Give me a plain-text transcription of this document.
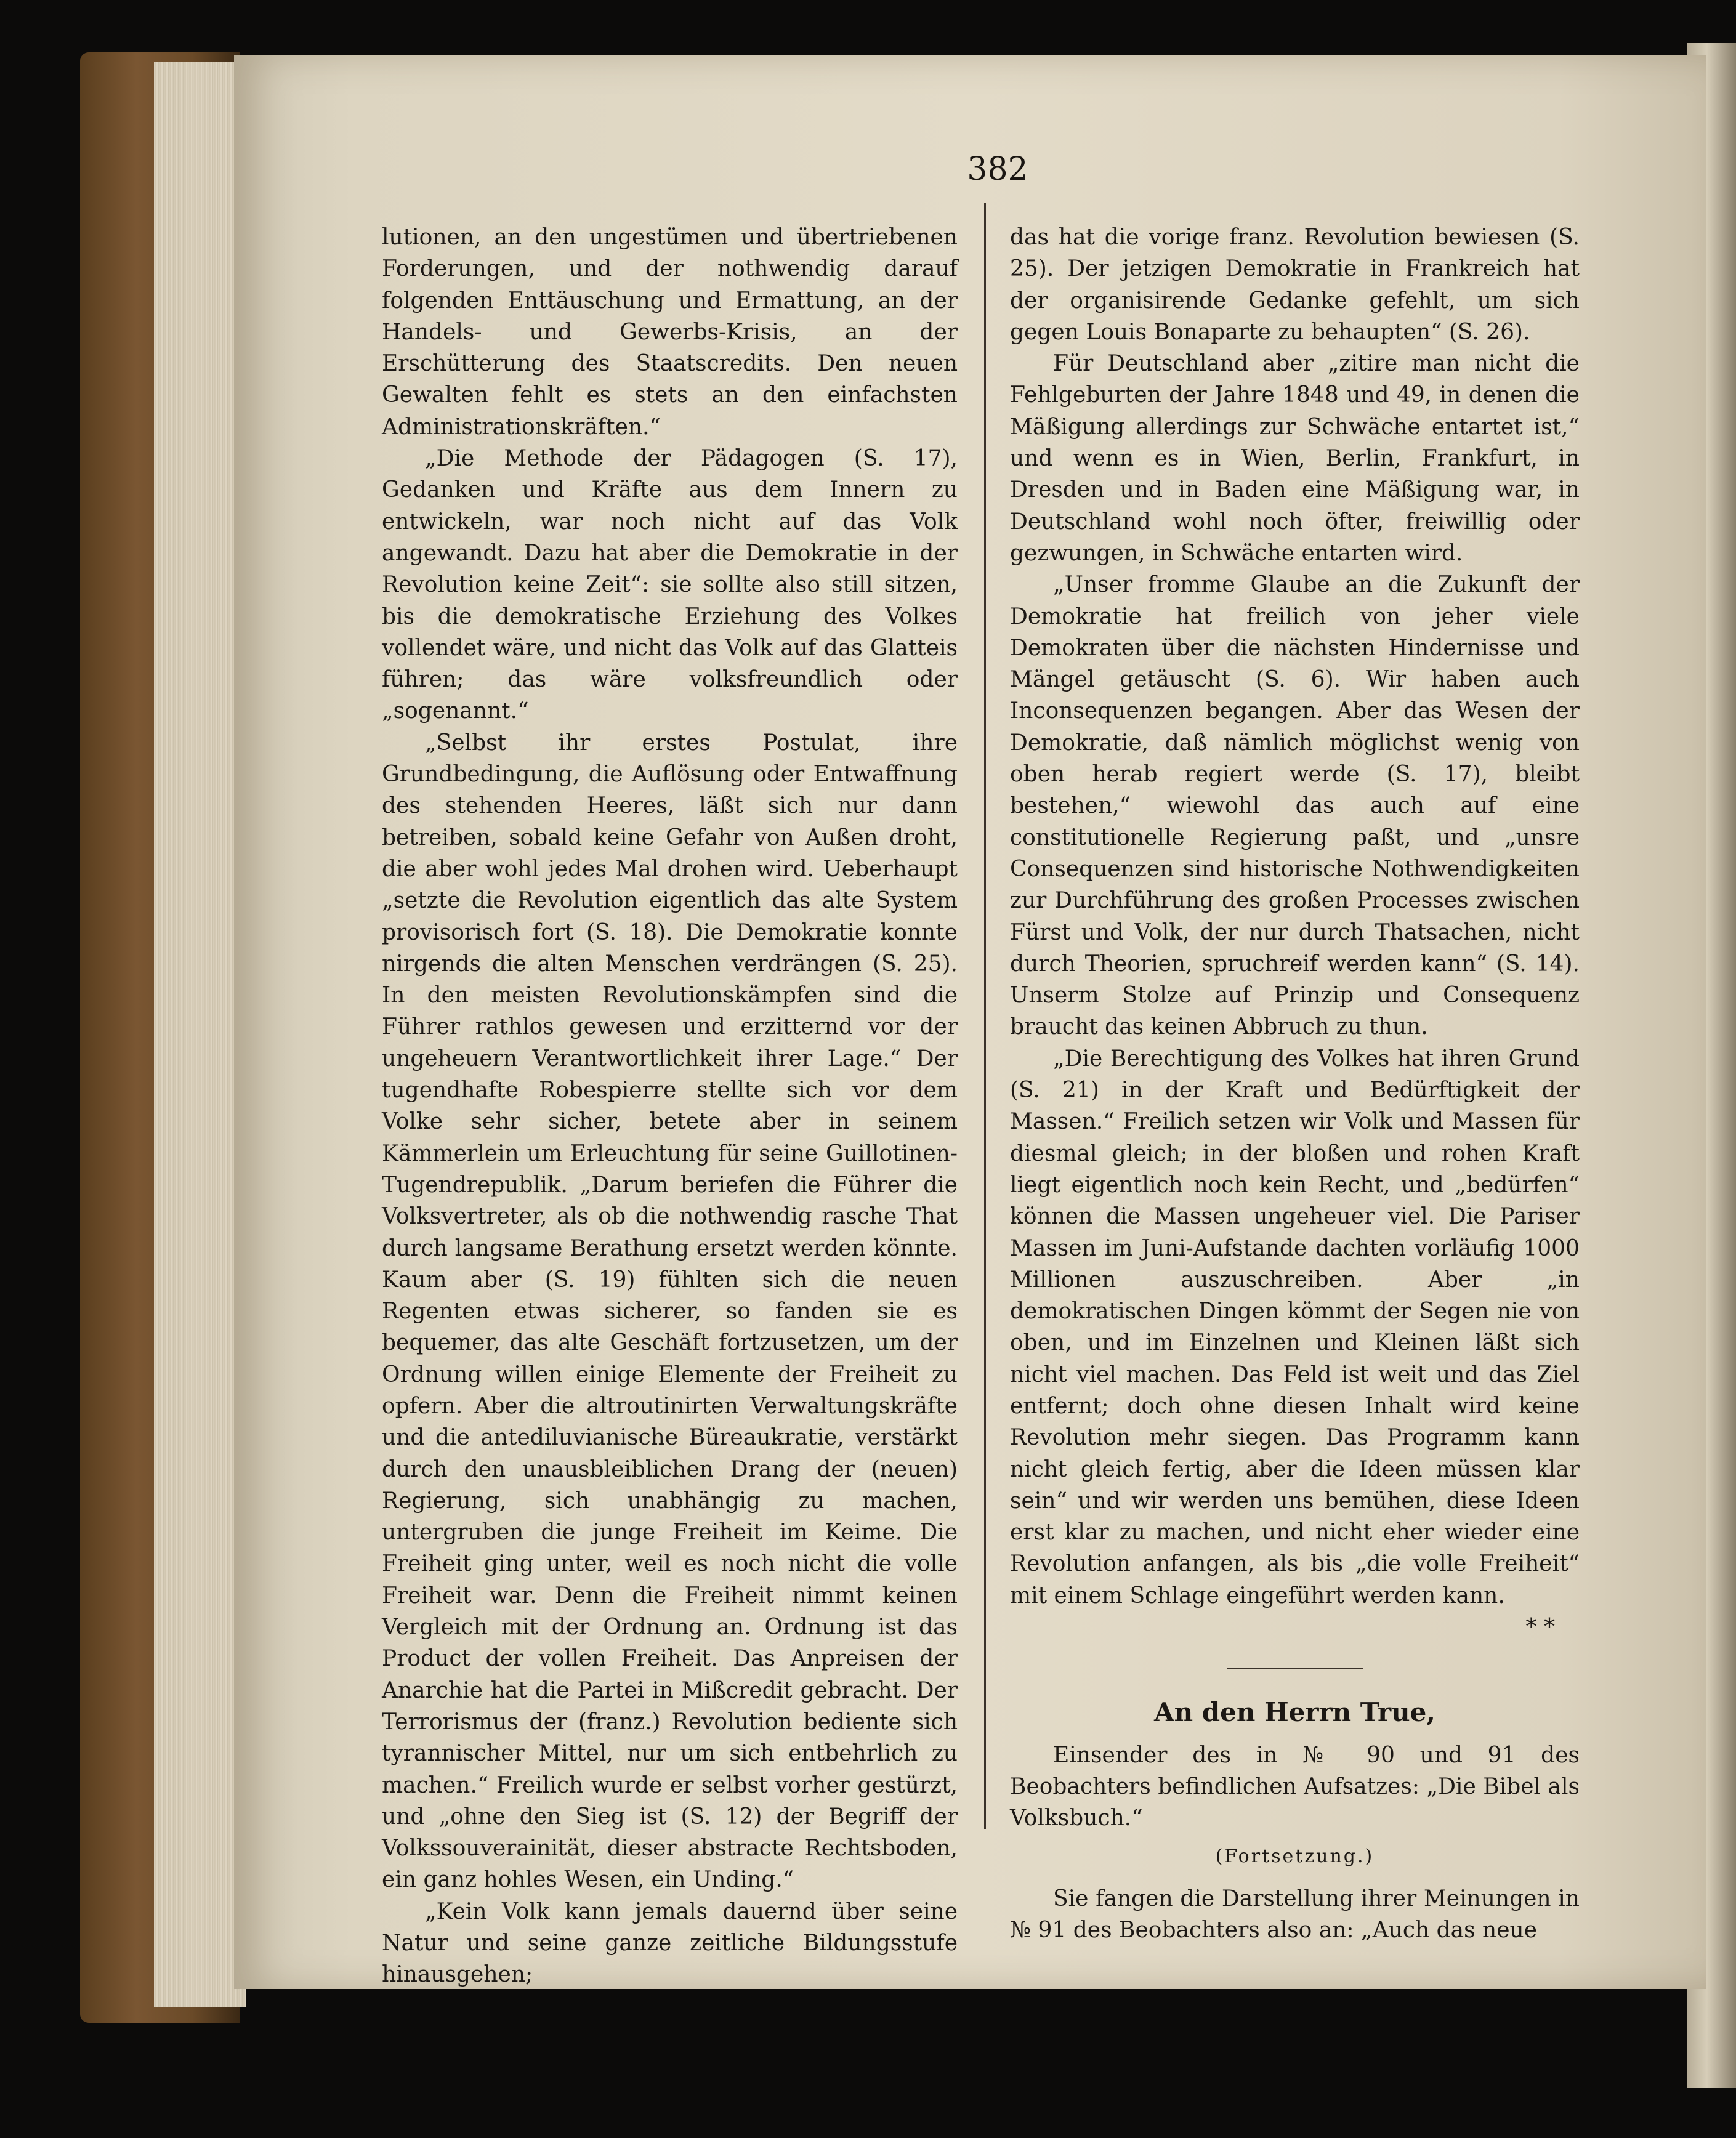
382

lutionen, an den ungestümen und übertriebenen Forderungen, und der nothwendig darauf folgenden Enttäuschung und Ermattung, an der Handels- und Gewerbs-Krisis, an der Erschütterung des Staatscredits. Den neuen Gewalten fehlt es stets an den einfachsten Administrationskräften.“

„Die Methode der Pädagogen (S. 17), Gedanken und Kräfte aus dem Innern zu entwickeln, war noch nicht auf das Volk angewandt. Dazu hat aber die Demokratie in der Revolution keine Zeit“: sie sollte also still sitzen, bis die demokratische Erziehung des Volkes vollendet wäre, und nicht das Volk auf das Glatteis führen; das wäre volksfreundlich oder „sogenannt.“

„Selbst ihr erstes Postulat, ihre Grundbedingung, die Auflösung oder Entwaffnung des stehenden Heeres, läßt sich nur dann betreiben, sobald keine Gefahr von Außen droht, die aber wohl jedes Mal drohen wird. Ueberhaupt „setzte die Revolution eigentlich das alte System provisorisch fort (S. 18). Die Demokratie konnte nirgends die alten Menschen verdrängen (S. 25). In den meisten Revolutionskämpfen sind die Führer rathlos gewesen und erzitternd vor der ungeheuern Verantwortlichkeit ihrer Lage.“ Der tugendhafte Robespierre stellte sich vor dem Volke sehr sicher, betete aber in seinem Kämmerlein um Erleuchtung für seine Guillotinen-Tugendrepublik. „Darum beriefen die Führer die Volksvertreter, als ob die nothwendig rasche That durch langsame Berathung ersetzt werden könnte. Kaum aber (S. 19) fühlten sich die neuen Regenten etwas sicherer, so fanden sie es bequemer, das alte Geschäft fortzusetzen, um der Ordnung willen einige Elemente der Freiheit zu opfern. Aber die altroutinirten Verwaltungskräfte und die antediluvianische Büreaukratie, verstärkt durch den unausbleiblichen Drang der (neuen) Regierung, sich unabhängig zu machen, untergruben die junge Freiheit im Keime. Die Freiheit ging unter, weil es noch nicht die volle Freiheit war. Denn die Freiheit nimmt keinen Vergleich mit der Ordnung an. Ordnung ist das Product der vollen Freiheit. Das Anpreisen der Anarchie hat die Partei in Mißcredit gebracht. Der Terrorismus der (franz.) Revolution bediente sich tyrannischer Mittel, nur um sich entbehrlich zu machen.“ Freilich wurde er selbst vorher gestürzt, und „ohne den Sieg ist (S. 12) der Begriff der Volkssouverainität, dieser abstracte Rechtsboden, ein ganz hohles Wesen, ein Unding.“

„Kein Volk kann jemals dauernd über seine Natur und seine ganze zeitliche Bildungsstufe hinausgehen;

das hat die vorige franz. Revolution bewiesen (S. 25). Der jetzigen Demokratie in Frankreich hat der organisirende Gedanke gefehlt, um sich gegen Louis Bonaparte zu behaupten“ (S. 26).

Für Deutschland aber „zitire man nicht die Fehlgeburten der Jahre 1848 und 49, in denen die Mäßigung allerdings zur Schwäche entartet ist,“ und wenn es in Wien, Berlin, Frankfurt, in Dresden und in Baden eine Mäßigung war, in Deutschland wohl noch öfter, freiwillig oder gezwungen, in Schwäche entarten wird.

„Unser fromme Glaube an die Zukunft der Demokratie hat freilich von jeher viele Demokraten über die nächsten Hindernisse und Mängel getäuscht (S. 6). Wir haben auch Inconsequenzen begangen. Aber das Wesen der Demokratie, daß nämlich möglichst wenig von oben herab regiert werde (S. 17), bleibt bestehen,“ wiewohl das auch auf eine constitutionelle Regierung paßt, und „unsre Consequenzen sind historische Nothwendigkeiten zur Durchführung des großen Processes zwischen Fürst und Volk, der nur durch Thatsachen, nicht durch Theorien, spruchreif werden kann“ (S. 14). Unserm Stolze auf Prinzip und Consequenz braucht das keinen Abbruch zu thun.

„Die Berechtigung des Volkes hat ihren Grund (S. 21) in der Kraft und Bedürftigkeit der Massen.“ Freilich setzen wir Volk und Massen für diesmal gleich; in der bloßen und rohen Kraft liegt eigentlich noch kein Recht, und „bedürfen“ können die Massen ungeheuer viel. Die Pariser Massen im Juni-Aufstande dachten vorläufig 1000 Millionen auszuschreiben. Aber „in demokratischen Dingen kömmt der Segen nie von oben, und im Einzelnen und Kleinen läßt sich nicht viel machen. Das Feld ist weit und das Ziel entfernt; doch ohne diesen Inhalt wird keine Revolution mehr siegen. Das Programm kann nicht gleich fertig, aber die Ideen müssen klar sein“ und wir werden uns bemühen, diese Ideen erst klar zu machen, und nicht eher wieder eine Revolution anfangen, als bis „die volle Freiheit“ mit einem Schlage eingeführt werden kann.

* *
An den Herrn True,

Einsender des in № 90 und 91 des Beobachters befindlichen Aufsatzes: „Die Bibel als Volksbuch.“

(Fortsetzung.)

Sie fangen die Darstellung ihrer Meinungen in № 91 des Beobachters also an: „Auch das neue
